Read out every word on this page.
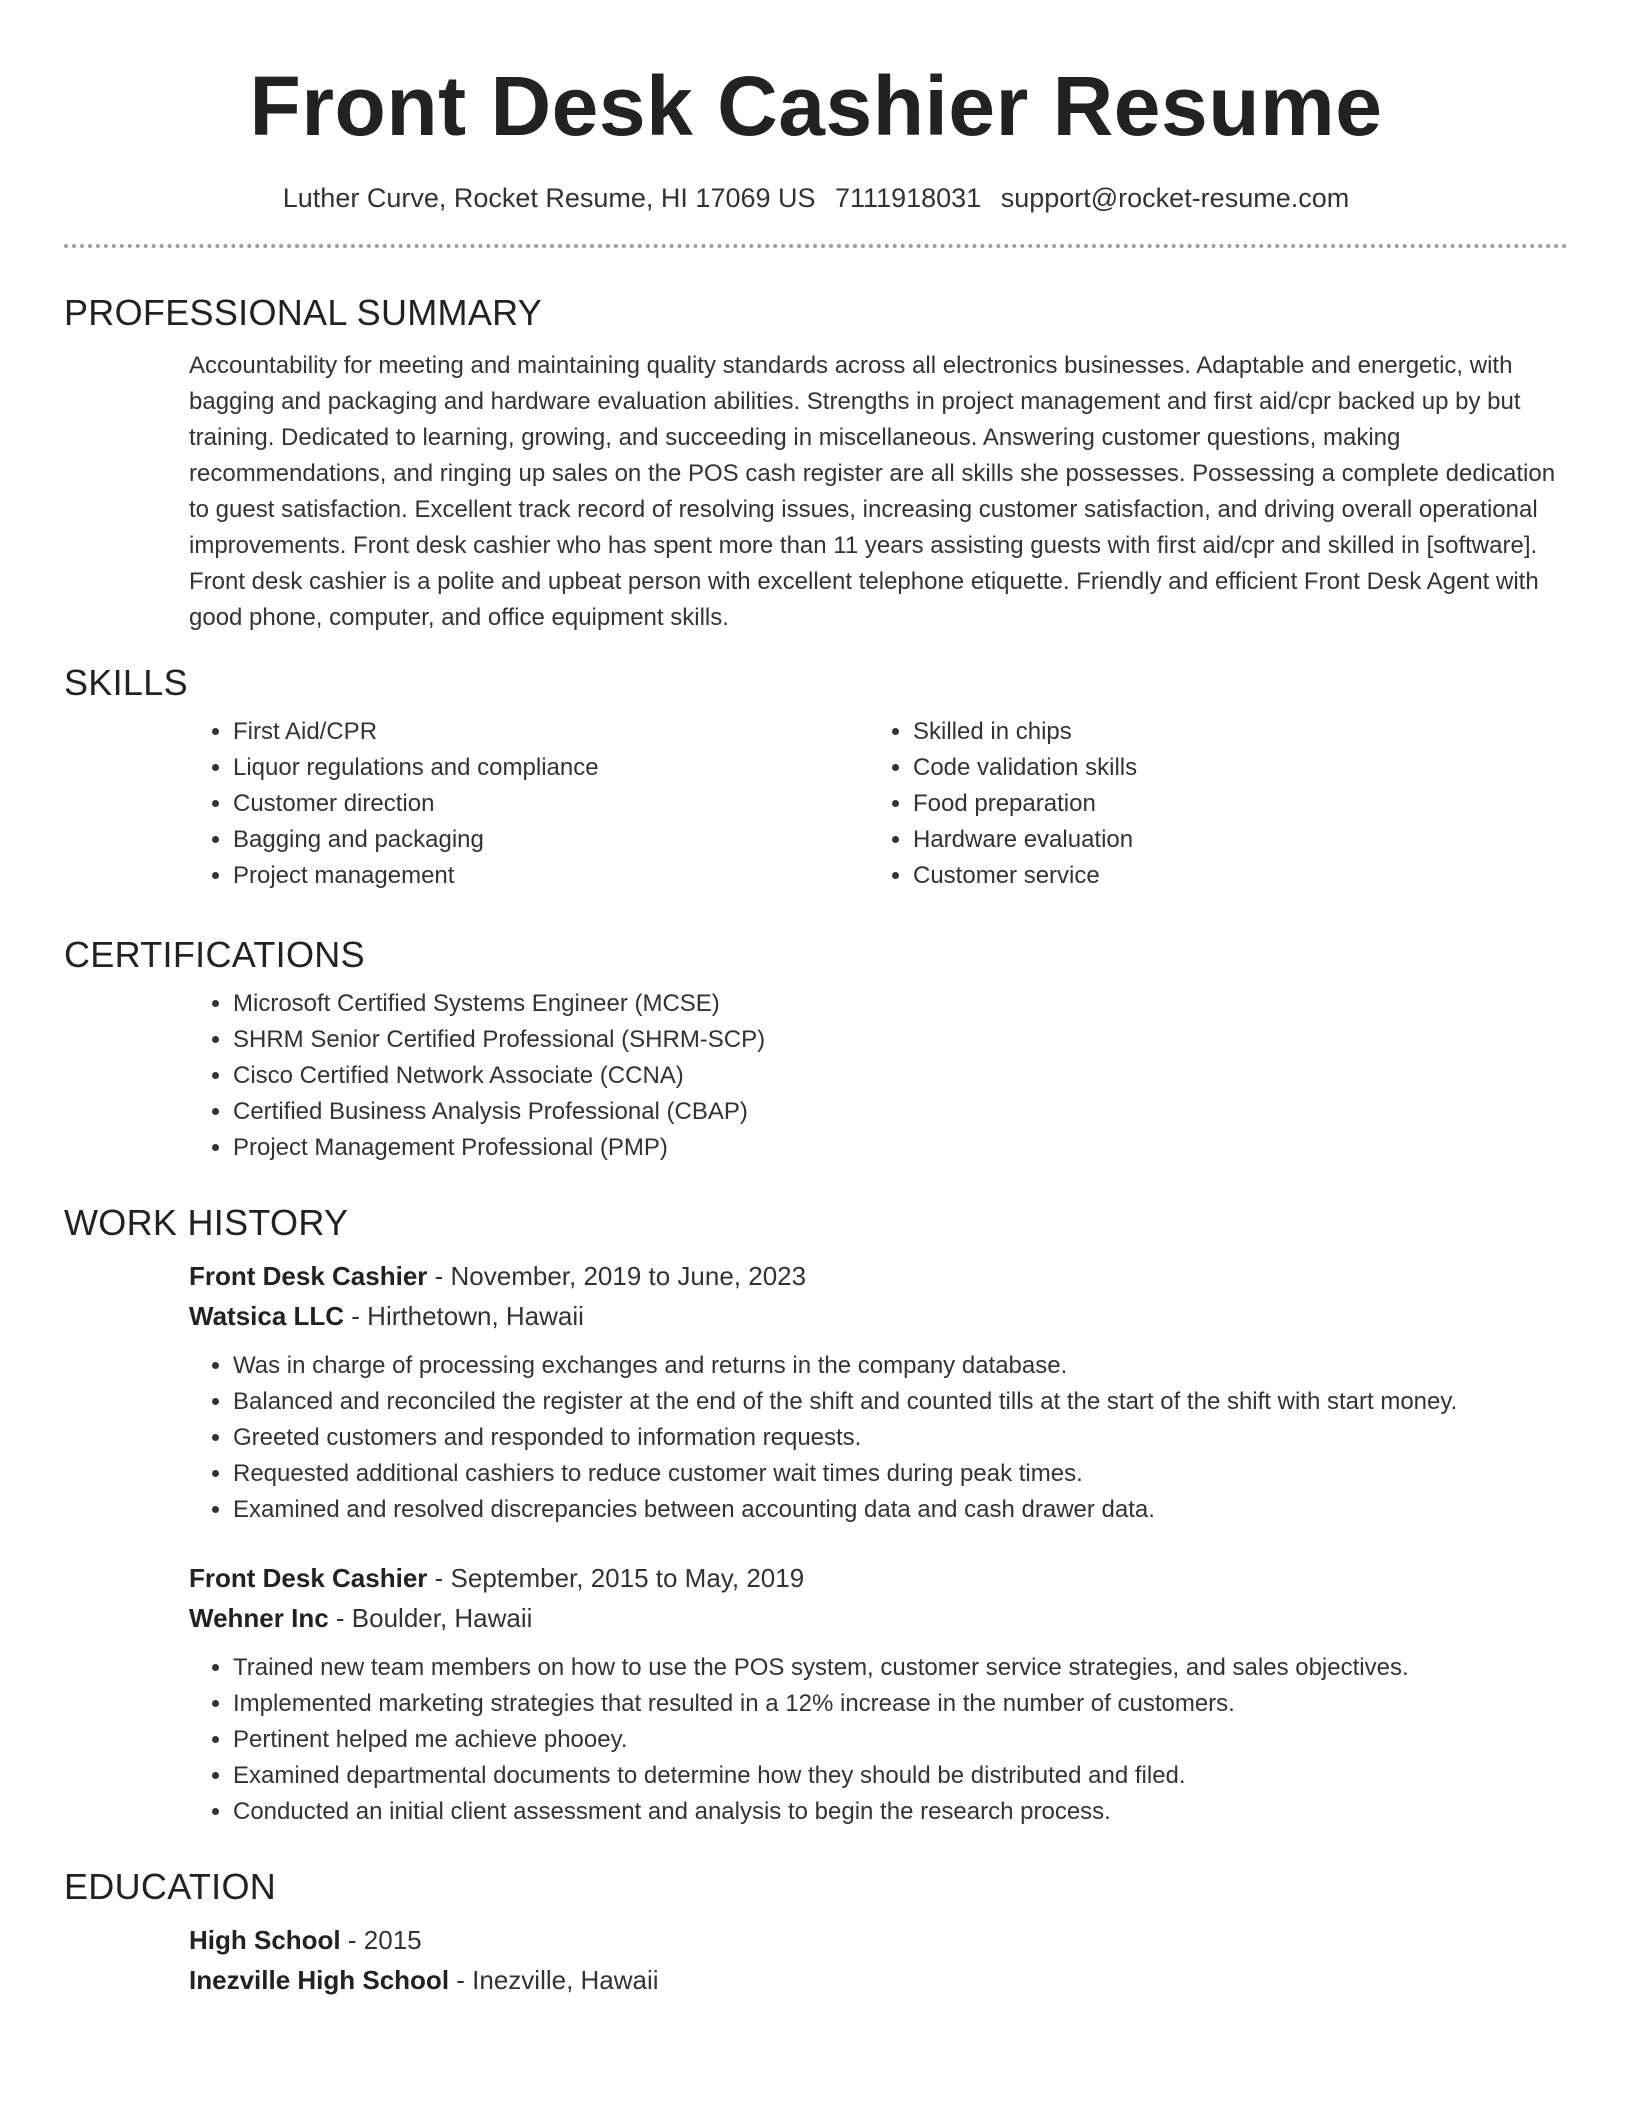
Front Desk Cashier Resume
Luther Curve, Rocket Resume, HI 17069 US 7111918031 support@rocket-resume.com
PROFESSIONAL SUMMARY

Accountability for meeting and maintaining quality standards across all electronics businesses. Adaptable and energetic, with bagging and packaging and hardware evaluation abilities. Strengths in project management and first aid/cpr backed up by but training. Dedicated to learning, growing, and succeeding in miscellaneous. Answering customer questions, making recommendations, and ringing up sales on the POS cash register are all skills she possesses. Possessing a complete dedication to guest satisfaction. Excellent track record of resolving issues, increasing customer satisfaction, and driving overall operational improvements. Front desk cashier who has spent more than 11 years assisting guests with first aid/cpr and skilled in [software]. Front desk cashier is a polite and upbeat person with excellent telephone etiquette. Friendly and efficient Front Desk Agent with good phone, computer, and office equipment skills.

SKILLS
• First Aid/CPR
• Liquor regulations and compliance
• Customer direction
• Bagging and packaging
• Project management
• Skilled in chips
• Code validation skills
• Food preparation
• Hardware evaluation
• Customer service
CERTIFICATIONS
• Microsoft Certified Systems Engineer (MCSE)
• SHRM Senior Certified Professional (SHRM-SCP)
• Cisco Certified Network Associate (CCNA)
• Certified Business Analysis Professional (CBAP)
• Project Management Professional (PMP)
WORK HISTORY
Front Desk Cashier - November, 2019 to June, 2023
Watsica LLC - Hirthetown, Hawaii
• Was in charge of processing exchanges and returns in the company database.
• Balanced and reconciled the register at the end of the shift and counted tills at the start of the shift with start money.
• Greeted customers and responded to information requests.
• Requested additional cashiers to reduce customer wait times during peak times.
• Examined and resolved discrepancies between accounting data and cash drawer data.
Front Desk Cashier - September, 2015 to May, 2019
Wehner Inc - Boulder, Hawaii
• Trained new team members on how to use the POS system, customer service strategies, and sales objectives.
• Implemented marketing strategies that resulted in a 12% increase in the number of customers.
• Pertinent helped me achieve phooey.
• Examined departmental documents to determine how they should be distributed and filed.
• Conducted an initial client assessment and analysis to begin the research process.
EDUCATION
High School - 2015
Inezville High School - Inezville, Hawaii
